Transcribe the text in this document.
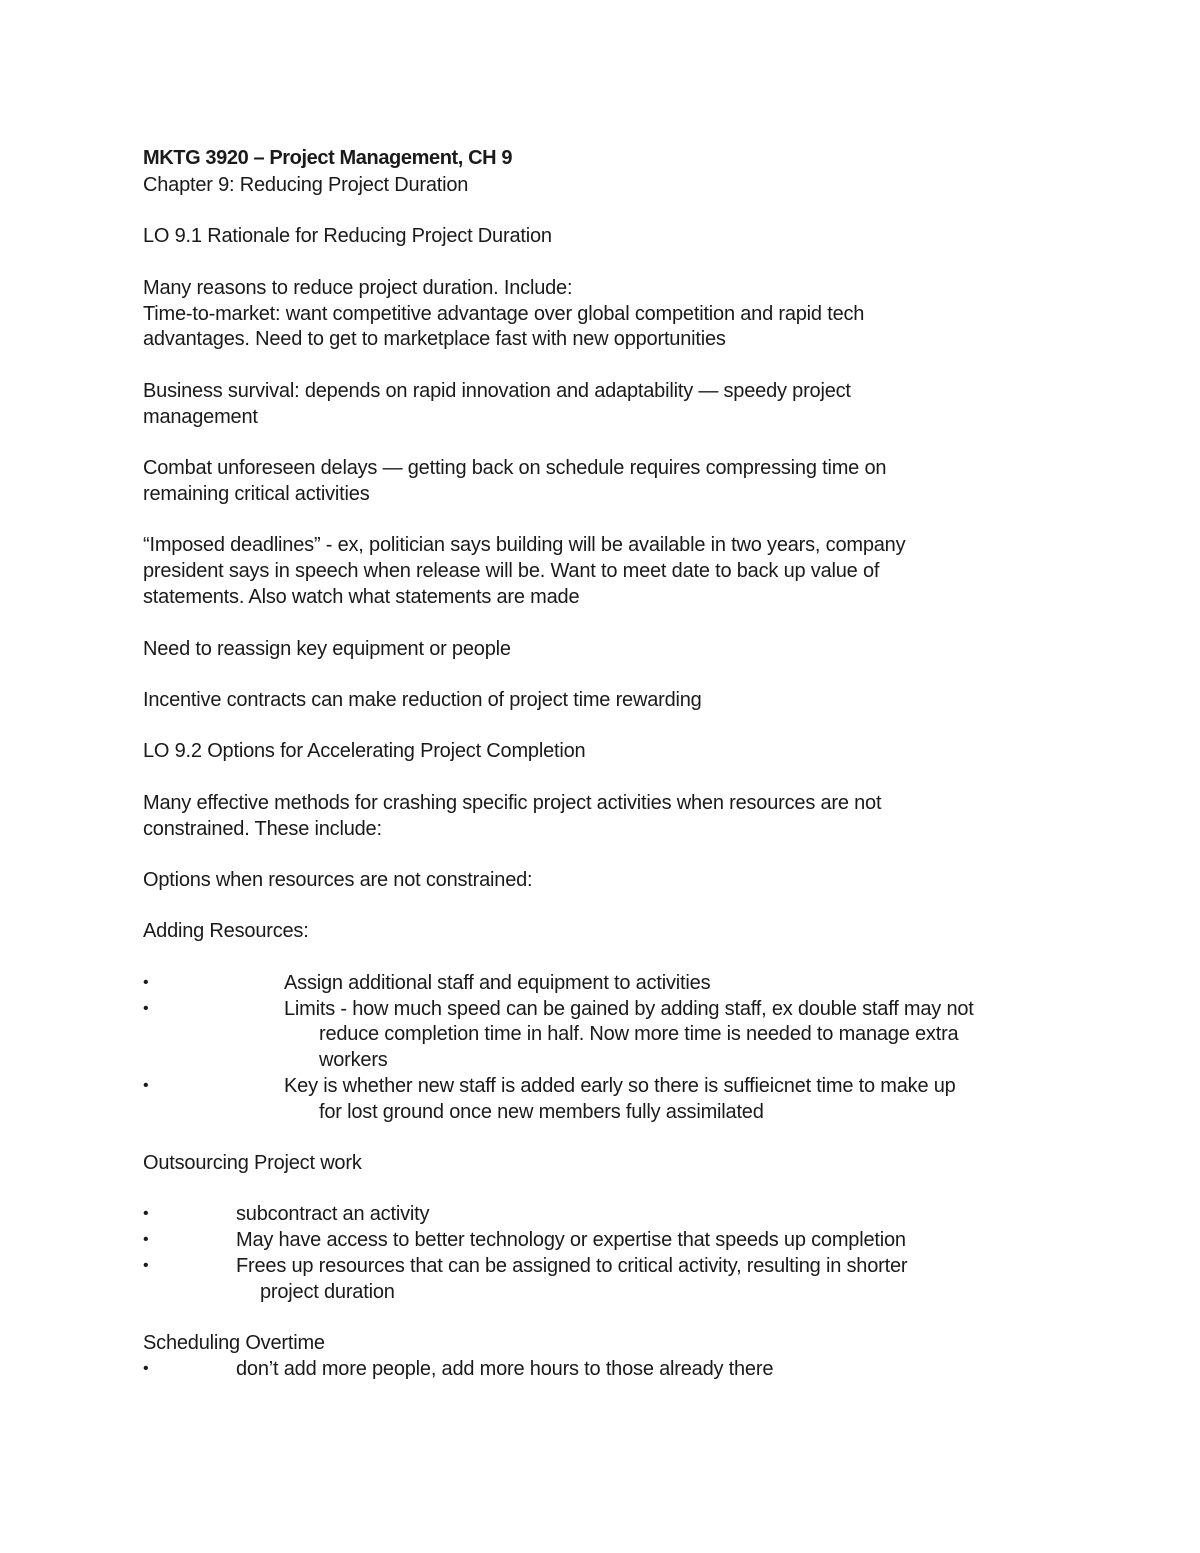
MKTG 3920 – Project Management, CH 9
Chapter 9: Reducing Project Duration
LO 9.1 Rationale for Reducing Project Duration
Many reasons to reduce project duration. Include:
Time-to-market: want competitive advantage over global competition and rapid tech
advantages. Need to get to marketplace fast with new opportunities
Business survival: depends on rapid innovation and adaptability — speedy project
management
Combat unforeseen delays — getting back on schedule requires compressing time on
remaining critical activities
“Imposed deadlines” - ex, politician says building will be available in two years, company
president says in speech when release will be. Want to meet date to back up value of
statements. Also watch what statements are made
Need to reassign key equipment or people
Incentive contracts can make reduction of project time rewarding
LO 9.2 Options for Accelerating Project Completion
Many effective methods for crashing specific project activities when resources are not
constrained. These include:
Options when resources are not constrained:
Adding Resources:
•	Assign additional staff and equipment to activities
•	Limits - how much speed can be gained by adding staff, ex double staff may not
reduce completion time in half. Now more time is needed to manage extra
workers
•	Key is whether new staff is added early so there is suffieicnet time to make up
for lost ground once new members fully assimilated
Outsourcing Project work
•	subcontract an activity
•	May have access to better technology or expertise that speeds up completion
•	Frees up resources that can be assigned to critical activity, resulting in shorter
project duration
Scheduling Overtime
•	don’t add more people, add more hours to those already there
